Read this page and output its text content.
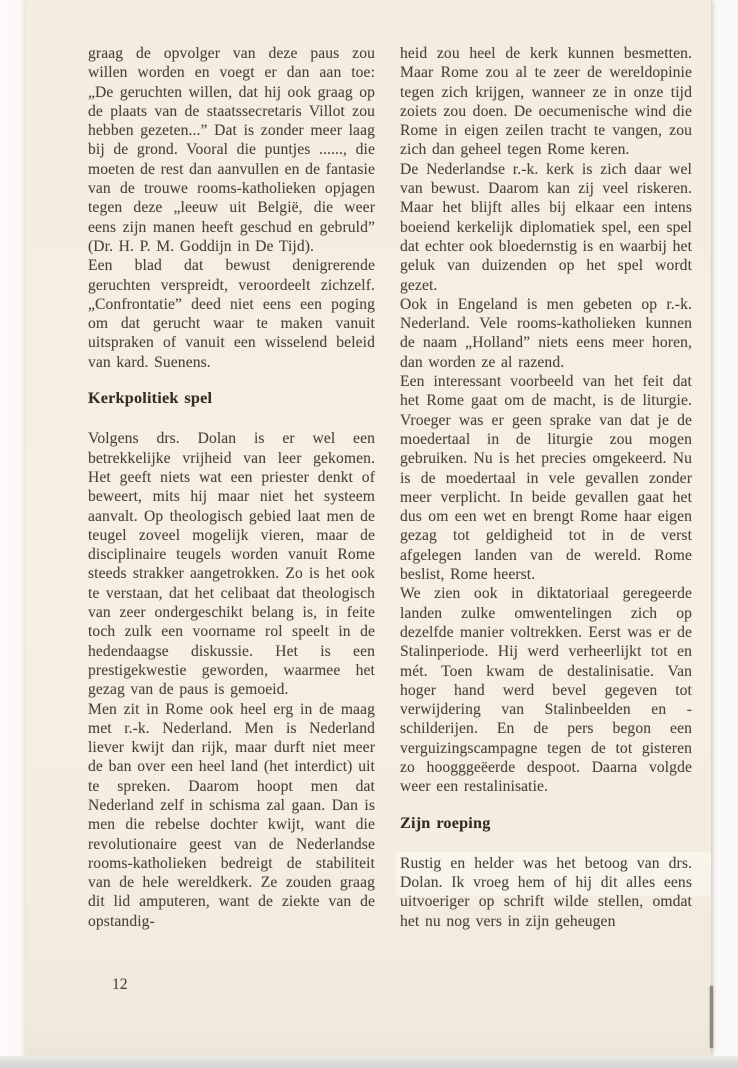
graag de opvolger van deze paus zou willen worden en voegt er dan aan toe: „De geruchten willen, dat hij ook graag op de plaats van de staatssecretaris Villot zou hebben gezeten...” Dat is zonder meer laag bij de grond. Vooral die puntjes ......, die moeten de rest dan aanvullen en de fantasie van de trouwe rooms-katholieken opjagen tegen deze „leeuw uit België, die weer eens zijn manen heeft geschud en gebruld” (Dr. H. P. M. Goddijn in De Tijd).

Een blad dat bewust denigrerende geruchten verspreidt, veroordeelt zichzelf. „Confrontatie” deed niet eens een poging om dat gerucht waar te maken vanuit uitspraken of vanuit een wisselend beleid van kard. Suenens.

Kerkpolitiek spel

Volgens drs. Dolan is er wel een betrekkelijke vrijheid van leer gekomen. Het geeft niets wat een priester denkt of beweert, mits hij maar niet het systeem aanvalt. Op theologisch gebied laat men de teugel zoveel mogelijk vieren, maar de disciplinaire teugels worden vanuit Rome steeds strakker aangetrokken. Zo is het ook te verstaan, dat het celibaat dat theologisch van zeer ondergeschikt belang is, in feite toch zulk een voorname rol speelt in de hedendaagse diskussie. Het is een prestigekwestie geworden, waarmee het gezag van de paus is gemoeid.

Men zit in Rome ook heel erg in de maag met r.-k. Nederland. Men is Nederland liever kwijt dan rijk, maar durft niet meer de ban over een heel land (het interdict) uit te spreken. Daarom hoopt men dat Nederland zelf in schisma zal gaan. Dan is men die rebelse dochter kwijt, want die revolutionaire geest van de Nederlandse rooms-katholieken bedreigt de stabiliteit van de hele wereldkerk. Ze zouden graag dit lid amputeren, want de ziekte van de opstandig-

heid zou heel de kerk kunnen besmetten. Maar Rome zou al te zeer de wereldopinie tegen zich krijgen, wanneer ze in onze tijd zoiets zou doen. De oecumenische wind die Rome in eigen zeilen tracht te vangen, zou zich dan geheel tegen Rome keren.

De Nederlandse r.-k. kerk is zich daar wel van bewust. Daarom kan zij veel riskeren. Maar het blijft alles bij elkaar een intens boeiend kerkelijk diplomatiek spel, een spel dat echter ook bloedernstig is en waarbij het geluk van duizenden op het spel wordt gezet.

Ook in Engeland is men gebeten op r.-k. Nederland. Vele rooms-katholieken kunnen de naam „Holland” niets eens meer horen, dan worden ze al razend.

Een interessant voorbeeld van het feit dat het Rome gaat om de macht, is de liturgie. Vroeger was er geen sprake van dat je de moedertaal in de liturgie zou mogen gebruiken. Nu is het precies omgekeerd. Nu is de moedertaal in vele gevallen zonder meer verplicht. In beide gevallen gaat het dus om een wet en brengt Rome haar eigen gezag tot geldigheid tot in de verst afgelegen landen van de wereld. Rome beslist, Rome heerst.

We zien ook in diktatoriaal geregeerde landen zulke omwentelingen zich op dezelfde manier voltrekken. Eerst was er de Stalinperiode. Hij werd verheerlijkt tot en mét. Toen kwam de destalinisatie. Van hoger hand werd bevel gegeven tot verwijdering van Stalinbeelden en -schilderijen. En de pers begon een verguizingscampagne tegen de tot gisteren zo hoogggeëerde despoot. Daarna volgde weer een restalinisatie.

Zijn roeping

Rustig en helder was het betoog van drs. Dolan. Ik vroeg hem of hij dit alles eens uitvoeriger op schrift wilde stellen, omdat het nu nog vers in zijn geheugen

12
